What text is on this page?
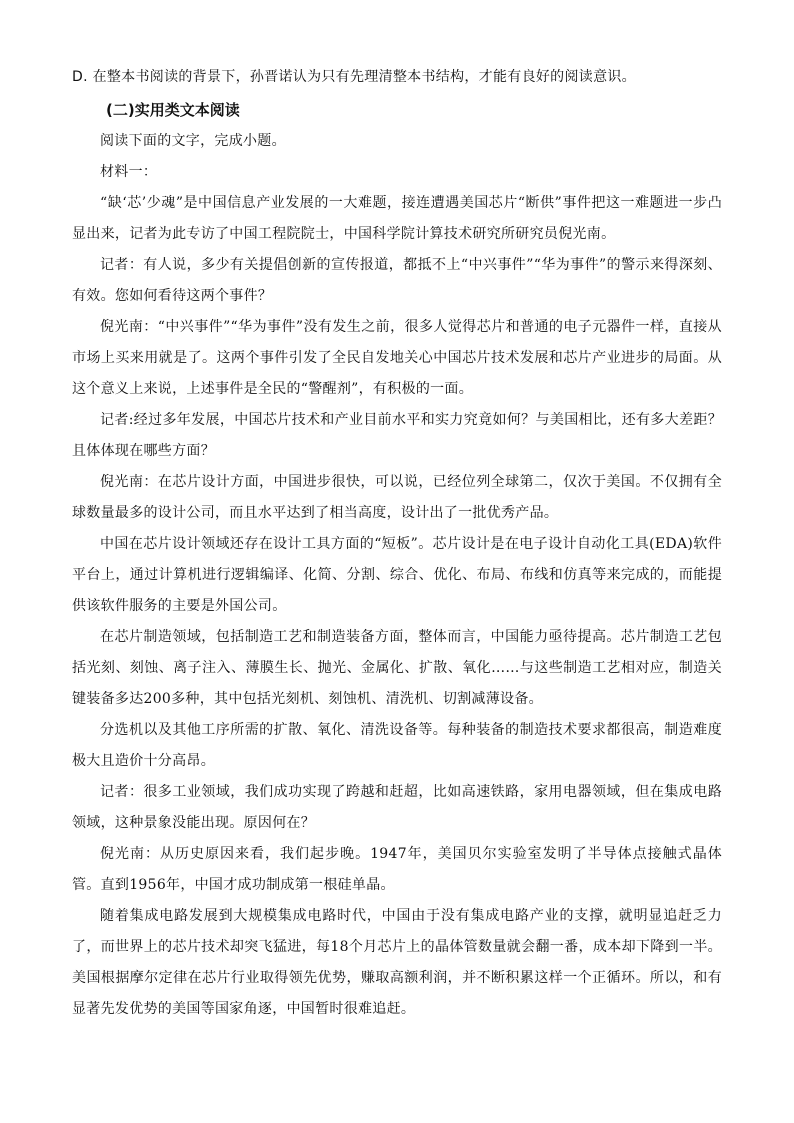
D. 在整本书阅读的背景下，孙晋诺认为只有先理清整本书结构，才能有良好的阅读意识。

(二)实用类文本阅读

阅读下面的文字，完成小题。

材料一：

“缺‘芯’少魂”是中国信息产业发展的一大难题，接连遭遇美国芯片“断供”事件把这一难题进一步凸显出来，记者为此专访了中国工程院院士，中国科学院计算技术研究所研究员倪光南。

记者：有人说，多少有关提倡创新的宣传报道，都抵不上“中兴事件”“华为事件”的警示来得深刻、有效。您如何看待这两个事件？

倪光南：“中兴事件”“华为事件”没有发生之前，很多人觉得芯片和普通的电子元器件一样，直接从市场上买来用就是了。这两个事件引发了全民自发地关心中国芯片技术发展和芯片产业进步的局面。从这个意义上来说，上述事件是全民的“警醒剂”，有积极的一面。

记者:经过多年发展，中国芯片技术和产业目前水平和实力究竟如何？与美国相比，还有多大差距？且体体现在哪些方面？

倪光南：在芯片设计方面，中国进步很快，可以说，已经位列全球第二，仅次于美国。不仅拥有全球数量最多的设计公司，而且水平达到了相当高度，设计出了一批优秀产品。

中国在芯片设计领域还存在设计工具方面的“短板”。芯片设计是在电子设计自动化工具(EDA)软件平台上，通过计算机进行逻辑编译、化简、分割、综合、优化、布局、布线和仿真等来完成的，而能提供该软件服务的主要是外国公司。

在芯片制造领域，包括制造工艺和制造装备方面，整体而言，中国能力亟待提高。芯片制造工艺包括光刻、刻蚀、离子注入、薄膜生长、抛光、金属化、扩散、氧化……与这些制造工艺相对应，制造关键装备多达200多种，其中包括光刻机、刻蚀机、清洗机、切割减薄设备。

分选机以及其他工序所需的扩散、氧化、清洗设备等。每种装备的制造技术要求都很高，制造难度极大且造价十分高昂。

记者：很多工业领域，我们成功实现了跨越和赶超，比如高速铁路，家用电器领域，但在集成电路领域，这种景象没能出现。原因何在？

倪光南：从历史原因来看，我们起步晚。1947年，美国贝尔实验室发明了半导体点接触式晶体管。直到1956年，中国才成功制成第一根硅单晶。

随着集成电路发展到大规模集成电路时代，中国由于没有集成电路产业的支撑，就明显追赶乏力了，而世界上的芯片技术却突飞猛进，每18个月芯片上的晶体管数量就会翻一番，成本却下降到一半。美国根据摩尔定律在芯片行业取得领先优势，赚取高额利润，并不断积累这样一个正循环。所以，和有显著先发优势的美国等国家角逐，中国暂时很难追赶。
